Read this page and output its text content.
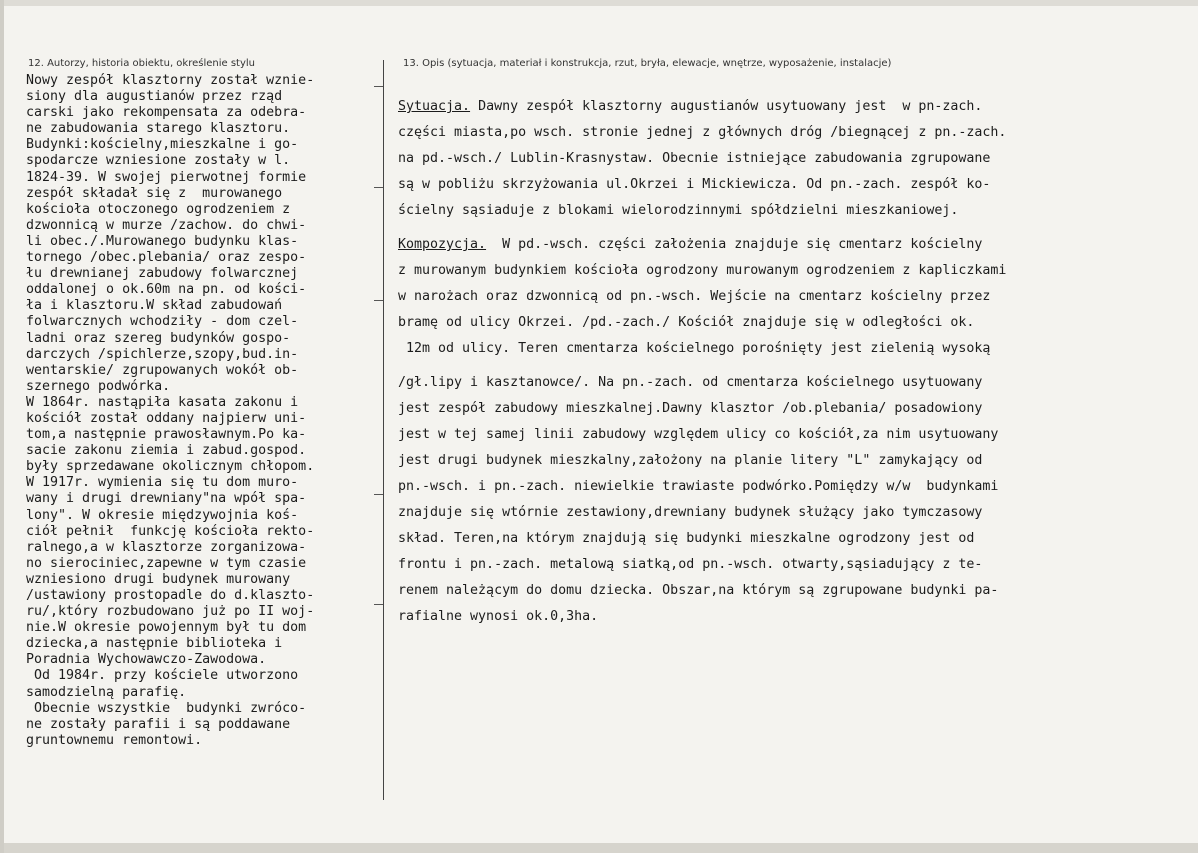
12. Autorzy, historia obiektu, określenie stylu	13. Opis (sytuacja, materiał i konstrukcja, rzut, bryła, elewacje, wnętrze, wyposażenie, instalacje)
Nowy zespół klasztorny został wznie-
siony dla augustianów przez rząd
carski jako rekompensata za odebra-
ne zabudowania starego klasztoru.
Budynki:kościelny,mieszkalne i go-
spodarcze wzniesione zostały w l.
1824-39. W swojej pierwotnej formie
zespół składał się z  murowanego
kościoła otoczonego ogrodzeniem z
dzwonnicą w murze /zachow. do chwi-
li obec./.Murowanego budynku klas-
tornego /obec.plebania/ oraz zespo-
łu drewnianej zabudowy folwarcznej
oddalonej o ok.60m na pn. od kości-
ła i klasztoru.W skład zabudowań
folwarcznych wchodziły - dom czel-
ladni oraz szereg budynków gospo-
darczych /spichlerze,szopy,bud.in-
wentarskie/ zgrupowanych wokół ob-
szernego podwórka.
W 1864r. nastąpiła kasata zakonu i
kościół został oddany najpierw uni-
tom,a następnie prawosławnym.Po ka-
sacie zakonu ziemia i zabud.gospod.
były sprzedawane okolicznym chłopom.
W 1917r. wymienia się tu dom muro-
wany i drugi drewniany"na wpół spa-
lony". W okresie międzywojnia koś-
ciół pełnił  funkcję kościoła rekto-
ralnego,a w klasztorze zorganizowa-
no sierociniec,zapewne w tym czasie
wzniesiono drugi budynek murowany
/ustawiony prostopadle do d.klaszto-
ru/,który rozbudowano już po II woj-
nie.W okresie powojennym był tu dom
dziecka,a następnie biblioteka i
Poradnia Wychowawczo-Zawodowa.
Od 1984r. przy kościele utworzono
samodzielną parafię.
Obecnie wszystkie  budynki zwróco-
ne zostały parafii i są poddawane
gruntownemu remontowi.
Sytuacja. Dawny zespół klasztorny augustianów usytuowany jest  w pn-zach.
części miasta,po wsch. stronie jednej z głównych dróg /biegnącej z pn.-zach.
na pd.-wsch./ Lublin-Krasnystaw. Obecnie istniejące zabudowania zgrupowane
są w pobliżu skrzyżowania ul.Okrzei i Mickiewicza. Od pn.-zach. zespół ko-
ścielny sąsiaduje z blokami wielorodzinnymi spółdzielni mieszkaniowej.
Kompozycja.  W pd.-wsch. części założenia znajduje się cmentarz kościelny
z murowanym budynkiem kościoła ogrodzony murowanym ogrodzeniem z kapliczkami
w narożach oraz dzwonnicą od pn.-wsch. Wejście na cmentarz kościelny przez
bramę od ulicy Okrzei. /pd.-zach./ Kościół znajduje się w odległości ok.
12m od ulicy. Teren cmentarza kościelnego porośnięty jest zielenią wysoką
/gł.lipy i kasztanowce/. Na pn.-zach. od cmentarza kościelnego usytuowany
jest zespół zabudowy mieszkalnej.Dawny klasztor /ob.plebania/ posadowiony
jest w tej samej linii zabudowy względem ulicy co kościół,za nim usytuowany
jest drugi budynek mieszkalny,założony na planie litery "L" zamykający od
pn.-wsch. i pn.-zach. niewielkie trawiaste podwórko.Pomiędzy w/w  budynkami
znajduje się wtórnie zestawiony,drewniany budynek służący jako tymczasowy
skład. Teren,na którym znajdują się budynki mieszkalne ogrodzony jest od
frontu i pn.-zach. metalową siatką,od pn.-wsch. otwarty,sąsiadujący z te-
renem należącym do domu dziecka. Obszar,na którym są zgrupowane budynki pa-
rafialne wynosi ok.0,3ha.
